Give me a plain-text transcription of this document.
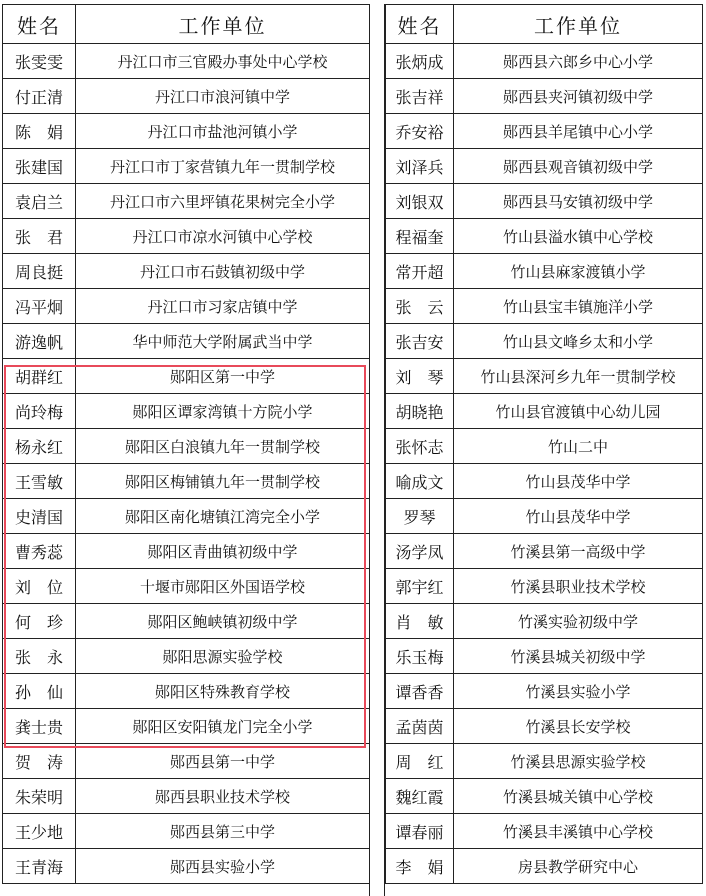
姓名	工作单位
张雯雯	丹江口市三官殿办事处中心学校
付正清	丹江口市浪河镇中学
陈　娟	丹江口市盐池河镇小学
张建国	丹江口市丁家营镇九年一贯制学校
袁启兰	丹江口市六里坪镇花果树完全小学
张　君	丹江口市凉水河镇中心学校
周良挺	丹江口市石鼓镇初级中学
冯平炯	丹江口市习家店镇中学
游逸帆	华中师范大学附属武当中学
胡群红	郧阳区第一中学
尚玲梅	郧阳区谭家湾镇十方院小学
杨永红	郧阳区白浪镇九年一贯制学校
王雪敏	郧阳区梅铺镇九年一贯制学校
史清国	郧阳区南化塘镇江湾完全小学
曹秀蕊	郧阳区青曲镇初级中学
刘　位	十堰市郧阳区外国语学校
何　珍	郧阳区鲍峡镇初级中学
张　永	郧阳思源实验学校
孙　仙	郧阳区特殊教育学校
龚士贵	郧阳区安阳镇龙门完全小学
贺　涛	郧西县第一中学
朱荣明	郧西县职业技术学校
王少地	郧西县第三中学
王青海	郧西县实验小学
姓名	工作单位
张炳成	郧西县六郎乡中心小学
张吉祥	郧西县夹河镇初级中学
乔安裕	郧西县羊尾镇中心小学
刘泽兵	郧西县观音镇初级中学
刘银双	郧西县马安镇初级中学
程福奎	竹山县溢水镇中心学校
常开超	竹山县麻家渡镇小学
张　云	竹山县宝丰镇施洋小学
张吉安	竹山县文峰乡太和小学
刘　琴	竹山县深河乡九年一贯制学校
胡晓艳	竹山县官渡镇中心幼儿园
张怀志	竹山二中
喻成文	竹山县茂华中学
罗琴	竹山县茂华中学
汤学凤	竹溪县第一高级中学
郭宇红	竹溪县职业技术学校
肖　敏	竹溪实验初级中学
乐玉梅	竹溪县城关初级中学
谭香香	竹溪县实验小学
孟茵茵	竹溪县长安学校
周　红	竹溪县思源实验学校
魏红霞	竹溪县城关镇中心学校
谭春丽	竹溪县丰溪镇中心学校
李　娟	房县教学研究中心
